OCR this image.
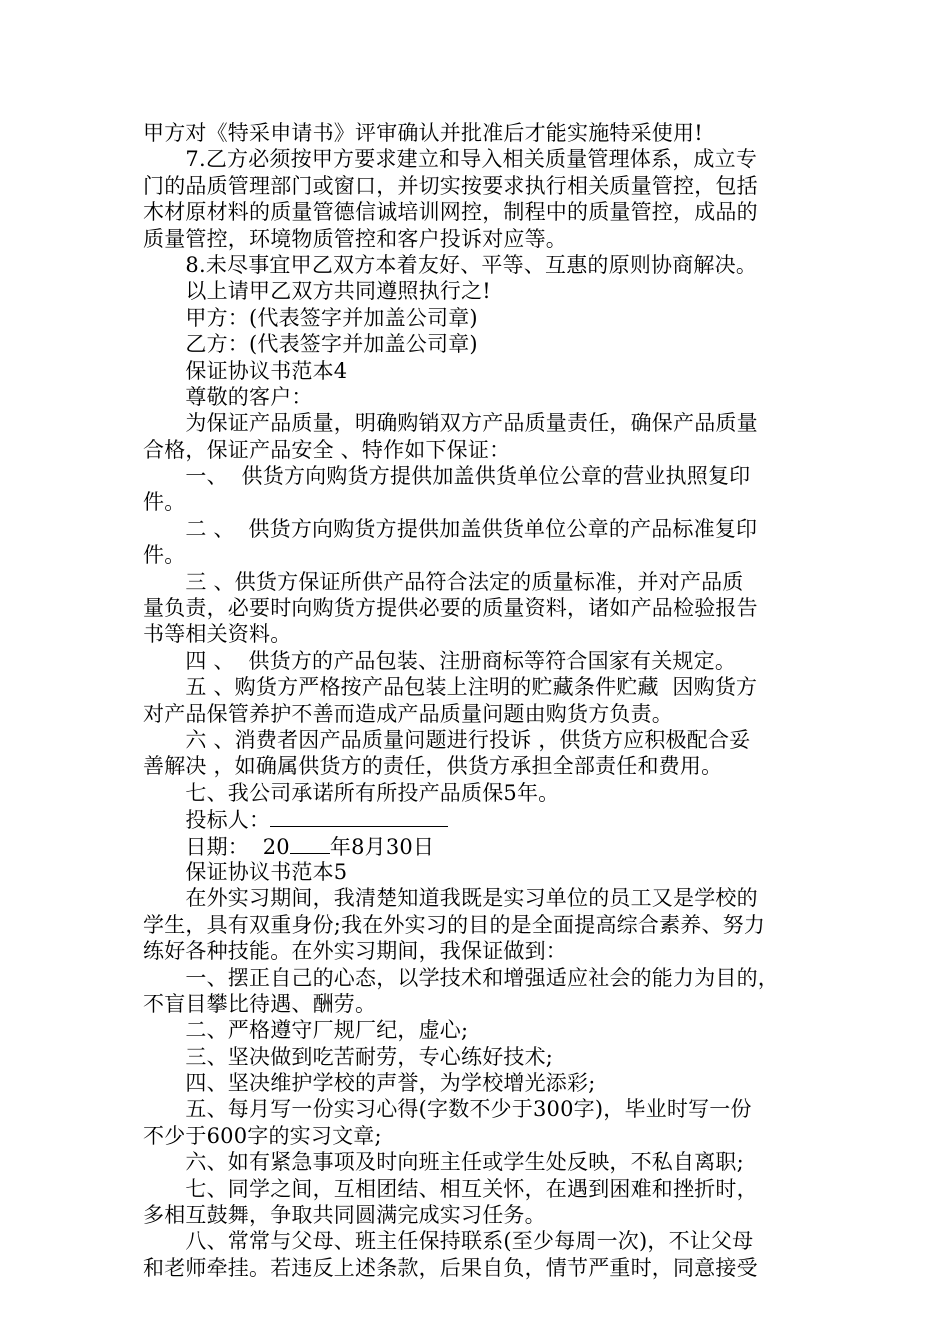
甲方对《特采申请书》评审确认并批准后才能实施特采使用!
　　7.乙方必须按甲方要求建立和导入相关质量管理体系，成立专
门的品质管理部门或窗口，并切实按要求执行相关质量管控，包括
木材原材料的质量管德信诚培训网控，制程中的质量管控，成品的
质量管控，环境物质管控和客户投诉对应等。
　　8.未尽事宜甲乙双方本着友好、平等、互惠的原则协商解决。
　　以上请甲乙双方共同遵照执行之!
　　甲方：(代表签字并加盖公司章)
　　乙方：(代表签字并加盖公司章)
　　保证协议书范本4
　　尊敬的客户：
　　为保证产品质量，明确购销双方产品质量责任，确保产品质量
合格，保证产品安全 、特作如下保证：
　　一、  供货方向购货方提供加盖供货单位公章的营业执照复印
件。
　　二 、  供货方向购货方提供加盖供货单位公章的产品标准复印
件。
　　三 、供货方保证所供产品符合法定的质量标准，并对产品质
量负责，必要时向购货方提供必要的质量资料，诸如产品检验报告
书等相关资料。
　　四 、  供货方的产品包装、注册商标等符合国家有关规定。
　　五 、购货方严格按产品包装上注明的贮藏条件贮藏  因购货方
对产品保管养护不善而造成产品质量问题由购货方负责。
　　六 、消费者因产品质量问题进行投诉 ，供货方应积极配合妥
善解决 ，如确属供货方的责任，供货方承担全部责任和费用。
　　七、我公司承诺所有所投产品质保5年。
　　投标人：
　　日期：  20 年8月30日
　　保证协议书范本5
　　在外实习期间，我清楚知道我既是实习单位的员工又是学校的
学生，具有双重身份;我在外实习的目的是全面提高综合素养、努力
练好各种技能。在外实习期间，我保证做到：
　　一、摆正自己的心态，以学技术和增强适应社会的能力为目的，
不盲目攀比待遇、酬劳。
　　二、严格遵守厂规厂纪，虚心;
　　三、坚决做到吃苦耐劳，专心练好技术;
　　四、坚决维护学校的声誉，为学校增光添彩;
　　五、每月写一份实习心得(字数不少于300字)，毕业时写一份
不少于600字的实习文章;
　　六、如有紧急事项及时向班主任或学生处反映，不私自离职;
　　七、同学之间，互相团结、相互关怀，在遇到困难和挫折时，
多相互鼓舞，争取共同圆满完成实习任务。
　　八、常常与父母、班主任保持联系(至少每周一次)，不让父母
和老师牵挂。若违反上述条款，后果自负，情节严重时，同意接受
